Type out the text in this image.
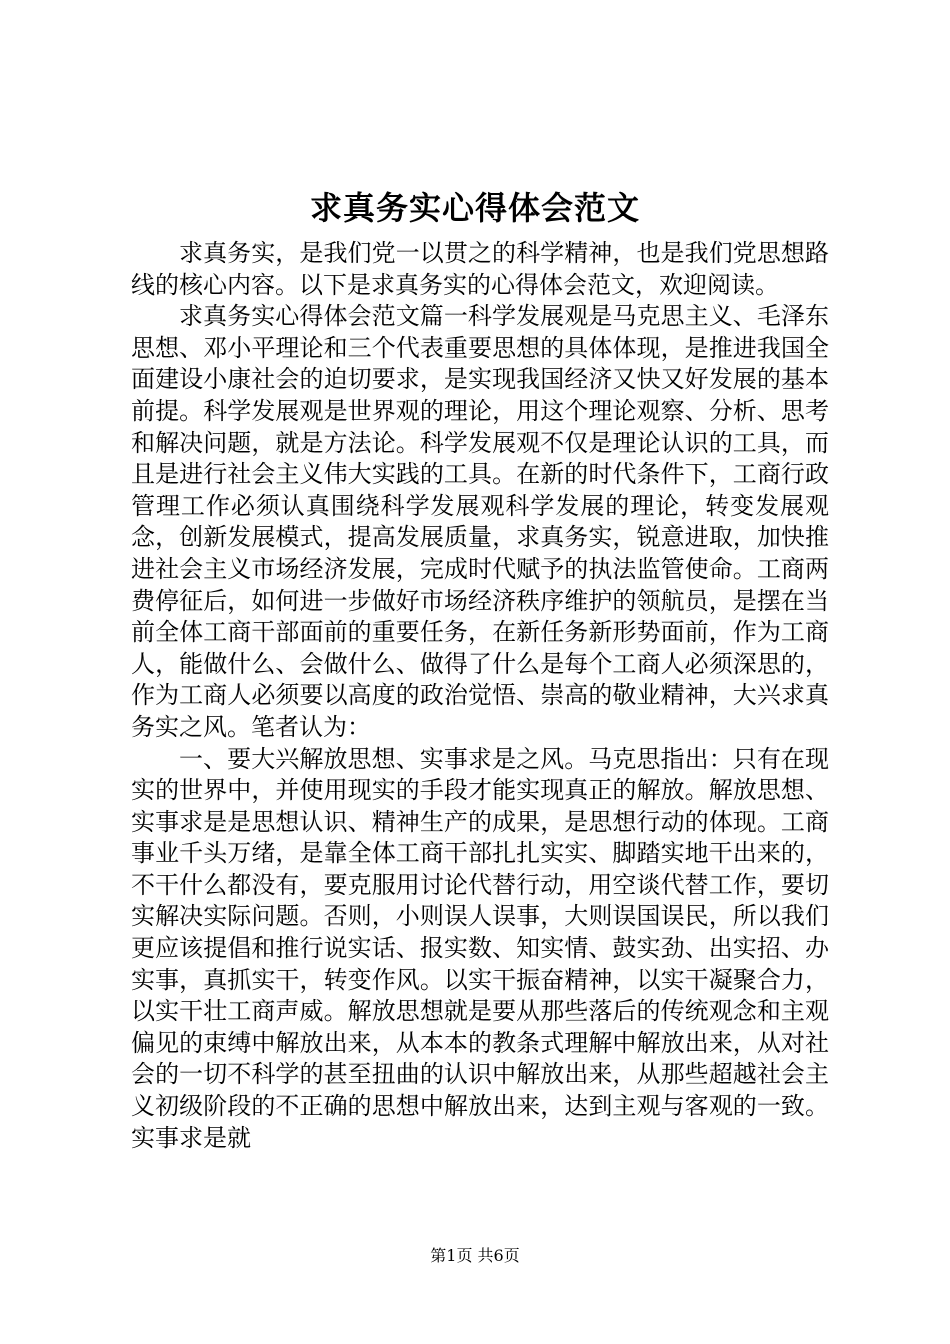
求真务实心得体会范文

求真务实，是我们党一以贯之的科学精神，也是我们党思想路线的核心内容。以下是求真务实的心得体会范文，欢迎阅读。

求真务实心得体会范文篇一科学发展观是马克思主义、毛泽东思想、邓小平理论和三个代表重要思想的具体体现，是推进我国全面建设小康社会的迫切要求，是实现我国经济又快又好发展的基本前提。科学发展观是世界观的理论，用这个理论观察、分析、思考和解决问题，就是方法论。科学发展观不仅是理论认识的工具，而且是进行社会主义伟大实践的工具。在新的时代条件下，工商行政管理工作必须认真围绕科学发展观科学发展的理论，转变发展观念，创新发展模式，提高发展质量，求真务实，锐意进取，加快推进社会主义市场经济发展，完成时代赋予的执法监管使命。工商两费停征后，如何进一步做好市场经济秩序维护的领航员，是摆在当前全体工商干部面前的重要任务，在新任务新形势面前，作为工商人，能做什么、会做什么、做得了什么是每个工商人必须深思的，作为工商人必须要以高度的政治觉悟、崇高的敬业精神，大兴求真务实之风。笔者认为：

一、要大兴解放思想、实事求是之风。马克思指出：只有在现实的世界中，并使用现实的手段才能实现真正的解放。解放思想、实事求是是思想认识、精神生产的成果，是思想行动的体现。工商事业千头万绪，是靠全体工商干部扎扎实实、脚踏实地干出来的，不干什么都没有，要克服用讨论代替行动，用空谈代替工作，要切实解决实际问题。否则，小则误人误事，大则误国误民，所以我们更应该提倡和推行说实话、报实数、知实情、鼓实劲、出实招、办实事，真抓实干，转变作风。以实干振奋精神，以实干凝聚合力，以实干壮工商声威。解放思想就是要从那些落后的传统观念和主观偏见的束缚中解放出来，从本本的教条式理解中解放出来，从对社会的一切不科学的甚至扭曲的认识中解放出来，从那些超越社会主义初级阶段的不正确的思想中解放出来，达到主观与客观的一致。实事求是就

第1页 共6页
